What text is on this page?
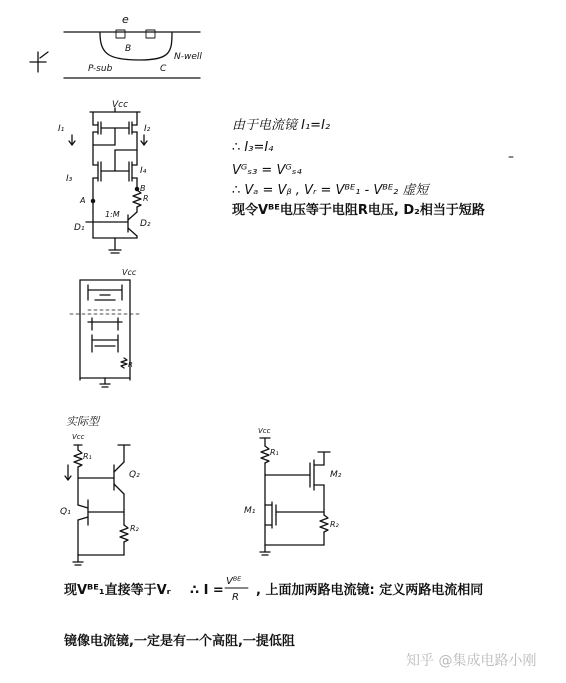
e
B
N-well
P-sub	C
Vcc
I₁	I₂
I₃
I₄
A
B
R
1:M
D₁	D₂
由于电流镜 I₁=I₂
∴ I₃=I₄
Vᴳₛ₃ = Vᴳₛ₄
∴ Vₐ = Vᵦ , Vᵣ = Vᴮᴱ₁ - Vᴮᴱ₂ 虚短
现令Vᴮᴱ电压等于电阻R电压, D₂相当于短路
Vcc
R
实际型
Vcc
R₁
Q₂
Q₁
R₂
Vcc
R₁
M₂
M₁
R₂
现Vᴮᴱ₁直接等于Vᵣ ∴ I =
Vᴮᴱ
R , 上面加两路电流镜: 定义两路电流相同
镜像电流镜,一定是有一个高阻,一提低阻
知乎 @集成电路小刚
